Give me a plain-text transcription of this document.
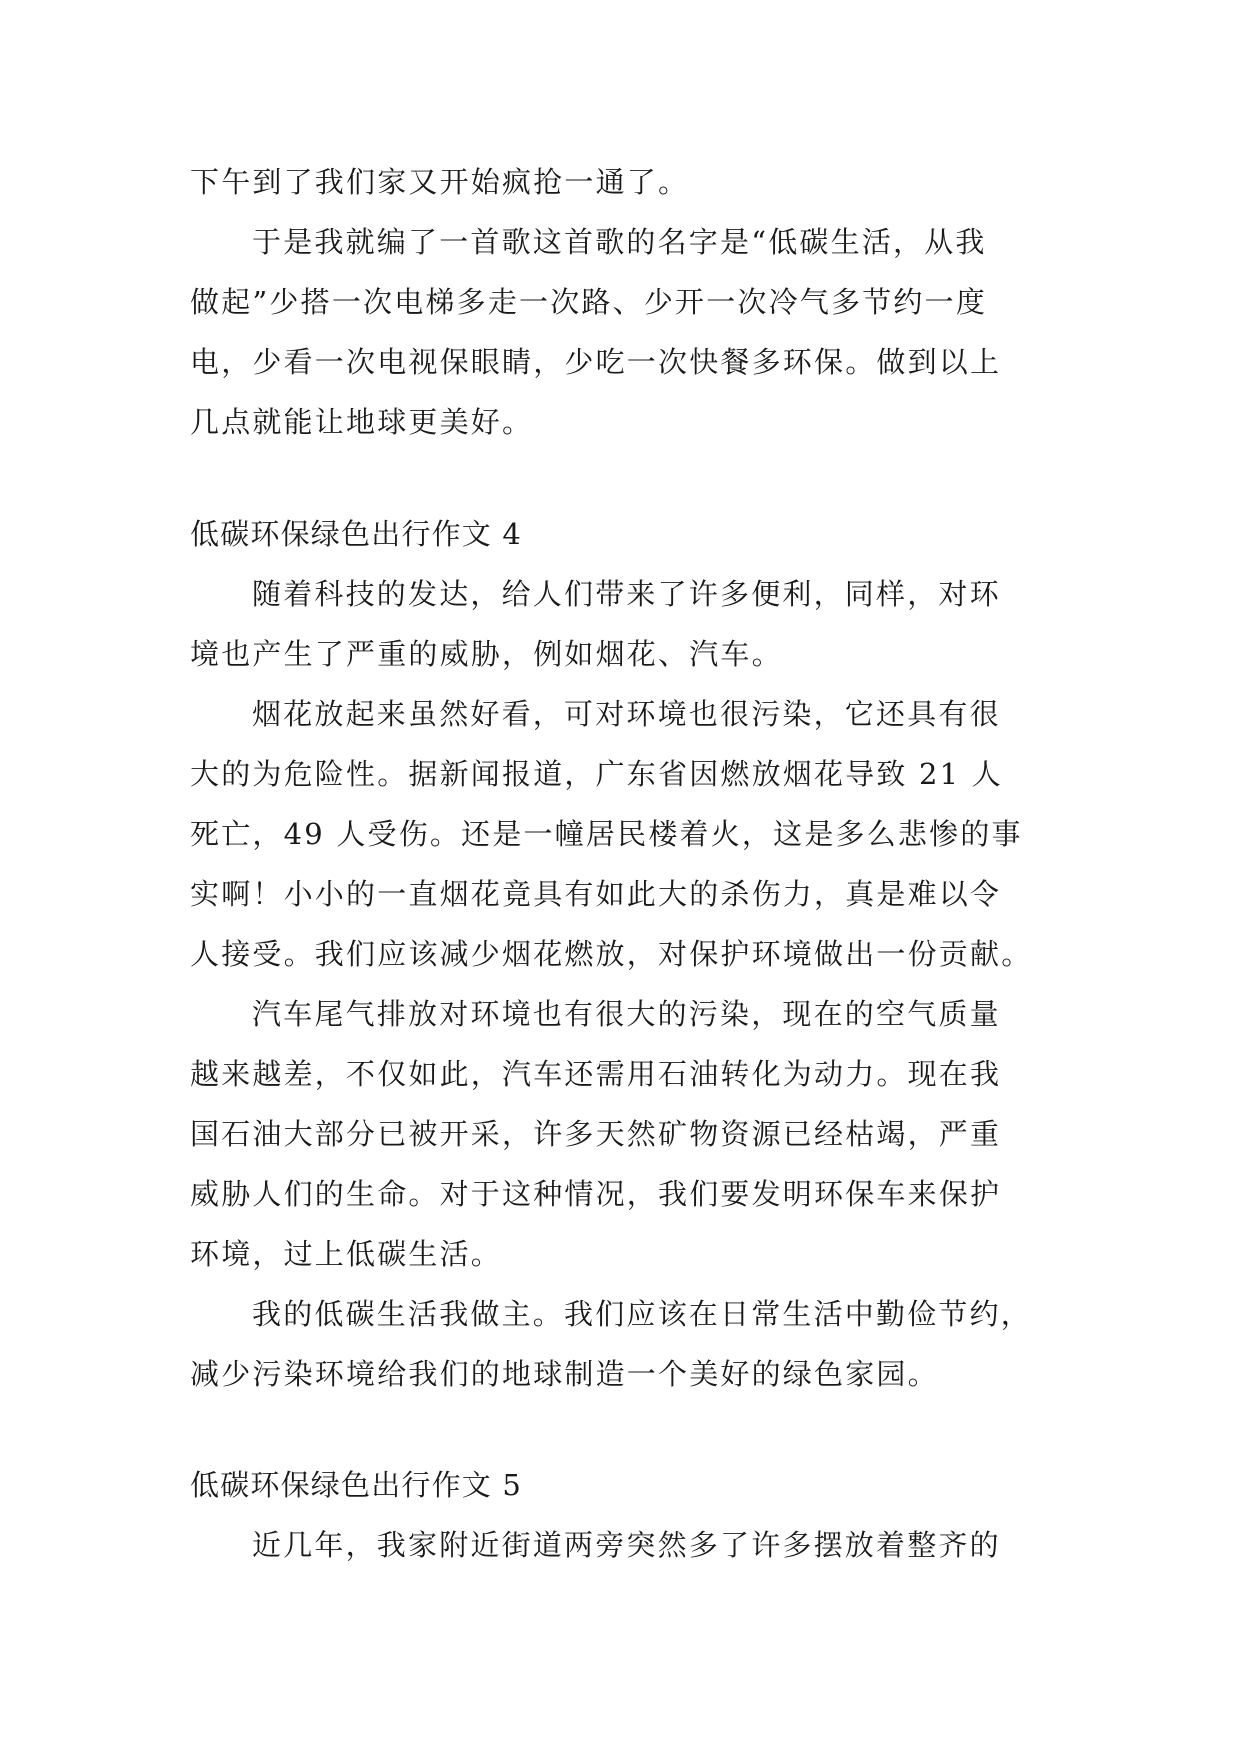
下午到了我们家又开始疯抢一通了。
于是我就编了一首歌这首歌的名字是“低碳生活，从我
做起”少搭一次电梯多走一次路、少开一次冷气多节约一度
电，少看一次电视保眼睛，少吃一次快餐多环保。做到以上
几点就能让地球更美好。
低碳环保绿色出行作文 4
随着科技的发达，给人们带来了许多便利，同样，对环
境也产生了严重的威胁，例如烟花、汽车。
烟花放起来虽然好看，可对环境也很污染，它还具有很
大的为危险性。据新闻报道，广东省因燃放烟花导致 21 人
死亡，49 人受伤。还是一幢居民楼着火，这是多么悲惨的事
实啊！小小的一直烟花竟具有如此大的杀伤力，真是难以令
人接受。我们应该减少烟花燃放，对保护环境做出一份贡献。
汽车尾气排放对环境也有很大的污染，现在的空气质量
越来越差，不仅如此，汽车还需用石油转化为动力。现在我
国石油大部分已被开采，许多天然矿物资源已经枯竭，严重
威胁人们的生命。对于这种情况，我们要发明环保车来保护
环境，过上低碳生活。
我的低碳生活我做主。我们应该在日常生活中勤俭节约，
减少污染环境给我们的地球制造一个美好的绿色家园。
低碳环保绿色出行作文 5
近几年，我家附近街道两旁突然多了许多摆放着整齐的
